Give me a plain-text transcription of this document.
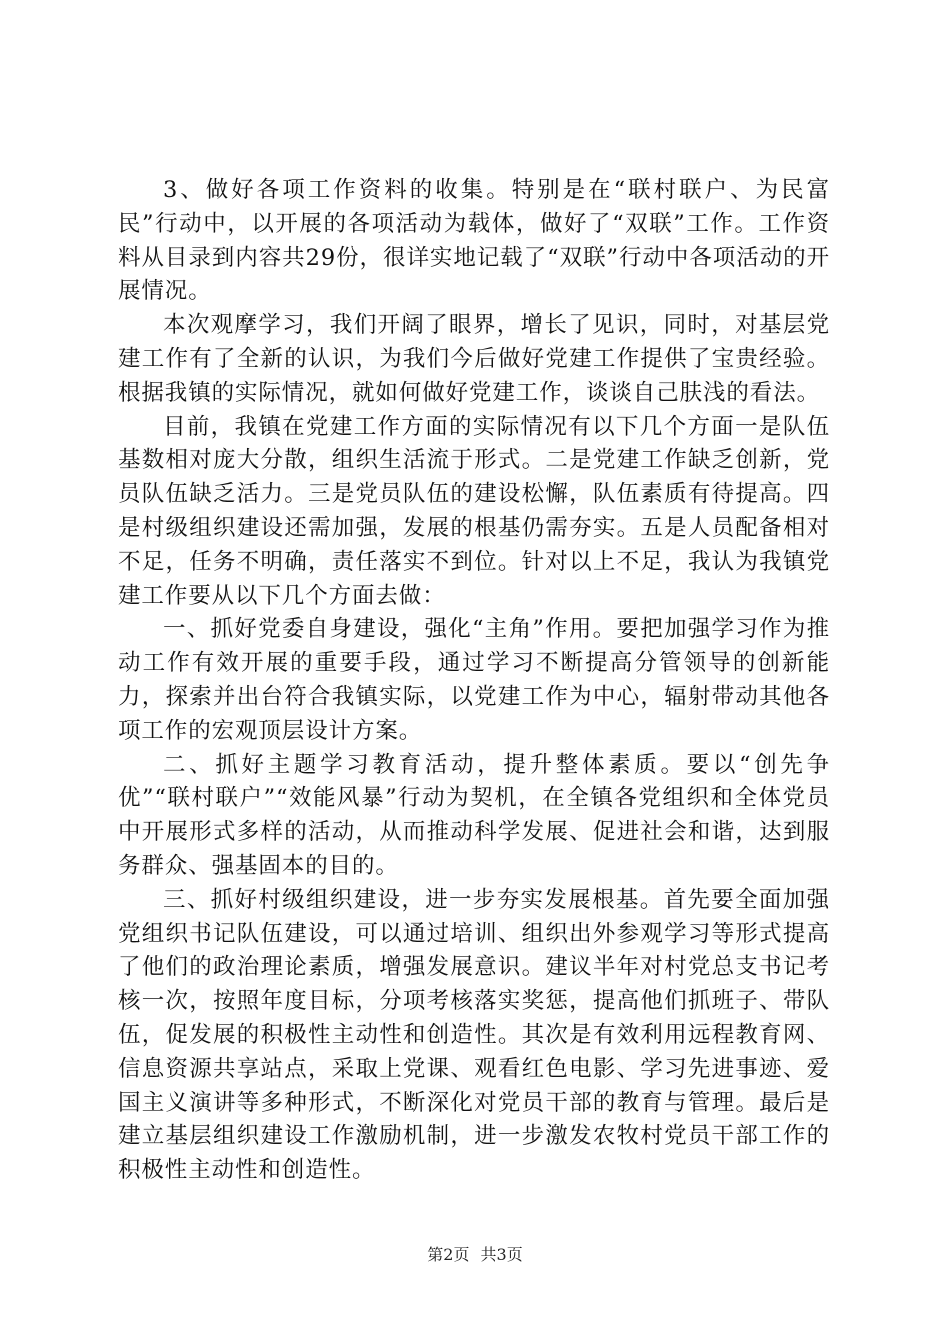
3、做好各项工作资料的收集。特别是在“联村联户、为民富民”行动中，以开展的各项活动为载体，做好了“双联”工作。工作资料从目录到内容共29份，很详实地记载了“双联”行动中各项活动的开展情况。

本次观摩学习，我们开阔了眼界，增长了见识，同时，对基层党建工作有了全新的认识，为我们今后做好党建工作提供了宝贵经验。根据我镇的实际情况，就如何做好党建工作，谈谈自己肤浅的看法。

目前，我镇在党建工作方面的实际情况有以下几个方面一是队伍基数相对庞大分散，组织生活流于形式。二是党建工作缺乏创新，党员队伍缺乏活力。三是党员队伍的建设松懈，队伍素质有待提高。四是村级组织建设还需加强，发展的根基仍需夯实。五是人员配备相对不足，任务不明确，责任落实不到位。针对以上不足，我认为我镇党建工作要从以下几个方面去做：

一、抓好党委自身建设，强化“主角”作用。要把加强学习作为推动工作有效开展的重要手段，通过学习不断提高分管领导的创新能力，探索并出台符合我镇实际，以党建工作为中心，辐射带动其他各项工作的宏观顶层设计方案。

二、抓好主题学习教育活动，提升整体素质。要以“创先争优”“联村联户”“效能风暴”行动为契机，在全镇各党组织和全体党员中开展形式多样的活动，从而推动科学发展、促进社会和谐，达到服务群众、强基固本的目的。

三、抓好村级组织建设，进一步夯实发展根基。首先要全面加强党组织书记队伍建设，可以通过培训、组织出外参观学习等形式提高了他们的政治理论素质，增强发展意识。建议半年对村党总支书记考核一次，按照年度目标，分项考核落实奖惩，提高他们抓班子、带队伍，促发展的积极性主动性和创造性。其次是有效利用远程教育网、信息资源共享站点，采取上党课、观看红色电影、学习先进事迹、爱国主义演讲等多种形式，不断深化对党员干部的教育与管理。最后是建立基层组织建设工作激励机制，进一步激发农牧村党员干部工作的积极性主动性和创造性。

第2页 共3页
